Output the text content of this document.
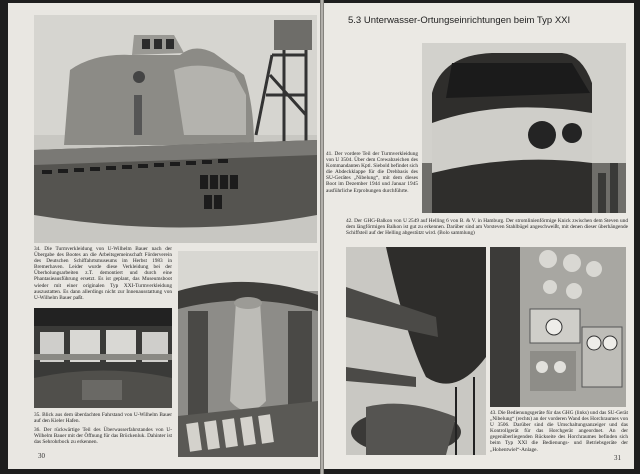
34. Die Turmverkleidung von U-Wilhelm Bauer nach der Übergabe des Bootes an die Arbeitsgemeinschaft Förderverein des Deutschen Schiffahrtsmuseums im Herbst 1983 in Bremerhaven. Leider wurde diese Verkleidung bei der Überholungsarbeiten z.T. demontiert und durch eine Phantasieausführung ersetzt. Es ist geplant, das Museumsboot wieder mit einer originalen Typ XXI-Turmverkleidung auszustatten. Es dann allerdings nicht zur Innenausstattung von U-Wilhelm Bauer paßt.
35. Blick aus dem überdachten Fahrstand von U-Wilhelm Bauer auf den Kieler Hafen.
36. Der rückwärtige Teil des Überwasserfahrstandes von U-Wilhelm Bauer mit der Öffnung für das Brückenluk. Dahinter ist das Sehrohrbock zu erkennen.
30
5.3 Unterwasser-Ortungseinrichtungen beim Typ XXI
41. Der vordere Teil der Turmverkleidung von U 3504. Über dem Crewabzeichen des Kommandanten Kptl. Siebold befindet sich die Abdeckklappe für die Drehbasis des SU-Gerätes „Nibelung“, mit dem dieses Boot im Dezember 1944 und Januar 1945 ausführliche Erprobungen durchführte.
42. Der GHG-Balkon von U 2549 auf Helling 6 von B. & V. in Hamburg. Der stromlinienförmige Knick zwischen dem Steven und dem längförmigen Balkon ist gut zu erkennen. Darüber sind am Vorsteven Stahlbügel angeschweißt, mit denen dieser überhängende Schiffsteil auf der Helling abgestützt wird. (Bolo sammlung)
43. Die Bedienungsgeräte für das GHG (links) und das SU-Gerät „Nibelung“ (rechts) an der vorderen Wand des Horchraumes von U 3506. Darüber sind die Umschaltungsanzeiger und das Kontrollgerät für das Horchgerät angeordnet. An der gegenüberliegenden Rückseite des Horchraumes befinden sich beim Typ XXI die Bedienungs- und Betriebsgeräte der „Hohentwiel“-Anlage.
31
